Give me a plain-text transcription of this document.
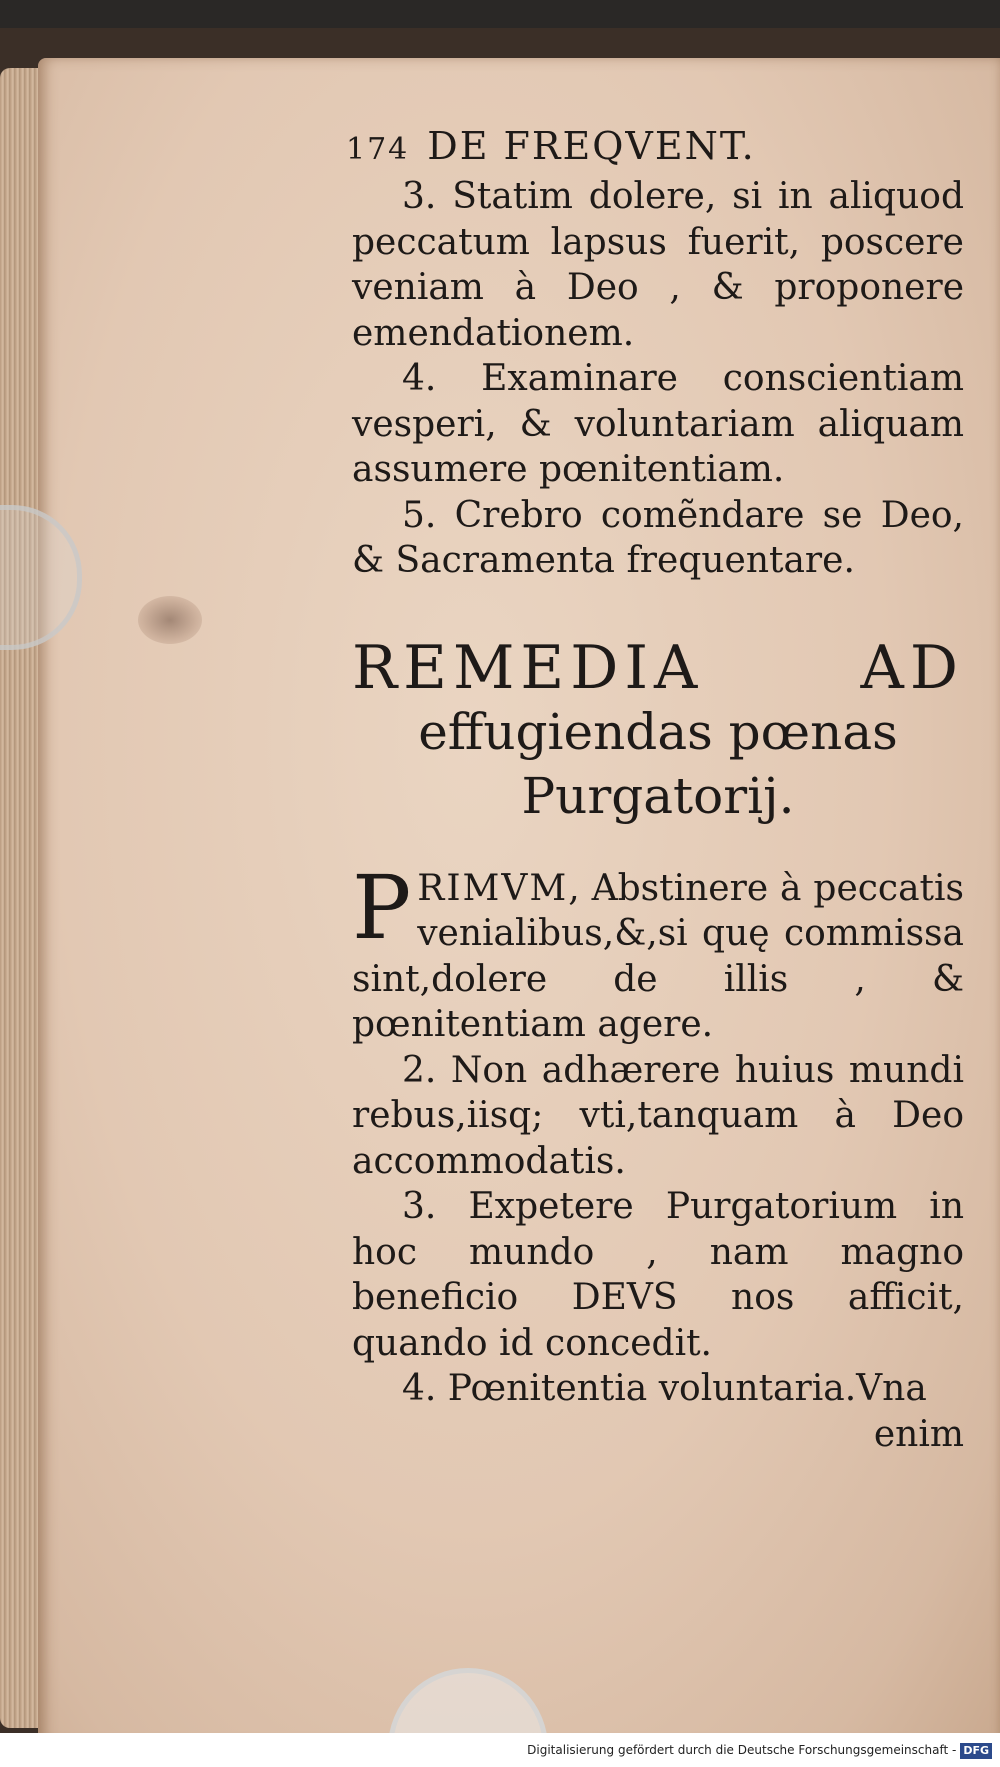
174 DE FREQVENT.

3. Statim dolere, si in aliquod peccatum lapsus fuerit, poscere veniam à Deo , & proponere emendationem.

4. Examinare conscientiam vesperi, & voluntariam aliquam assumere pœnitentiam.

5. Crebro comẽndare se Deo, & Sacramenta frequentare.

REMEDIA AD
effugiendas pœnas
Purgatorij.

PRIMVM, Abstinere à peccatis venialibus,&,si quę commissa sint,dolere de illis , & pœnitentiam agere.

2. Non adhærere huius mundi rebus,iisq; vti,tanquam à Deo accommodatis.

3. Expetere Purgatorium in hoc mundo , nam magno beneficio DEVS nos afficit, quando id concedit.

4. Pœnitentia voluntaria.Vna

enim

Digitalisierung gefördert durch die Deutsche Forschungsgemeinschaft - DFG
